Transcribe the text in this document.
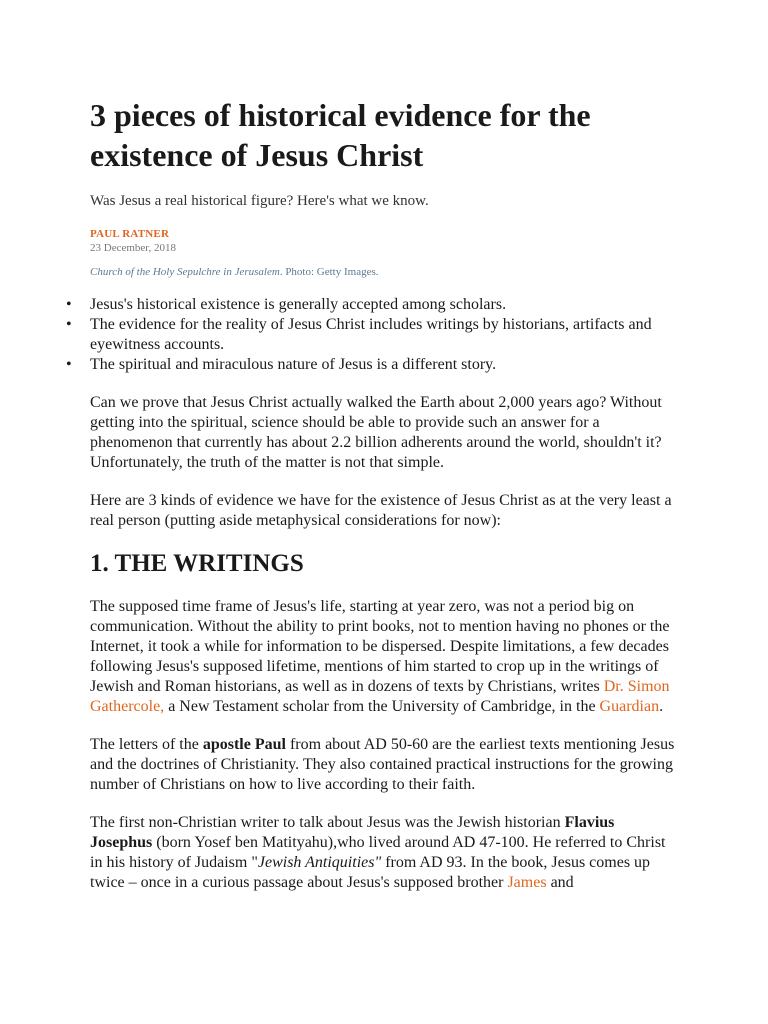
3 pieces of historical evidence for the existence of Jesus Christ

Was Jesus a real historical figure? Here's what we know.

PAUL RATNER

23 December, 2018

Church of the Holy Sepulchre in Jerusalem. Photo: Getty Images.

• Jesus's historical existence is generally accepted among scholars.
• The evidence for the reality of Jesus Christ includes writings by historians, artifacts and eyewitness accounts.
• The spiritual and miraculous nature of Jesus is a different story.

Can we prove that Jesus Christ actually walked the Earth about 2,000 years ago? Without getting into the spiritual, science should be able to provide such an answer for a phenomenon that currently has about 2.2 billion adherents around the world, shouldn't it? Unfortunately, the truth of the matter is not that simple.

Here are 3 kinds of evidence we have for the existence of Jesus Christ as at the very least a real person (putting aside metaphysical considerations for now):

1. THE WRITINGS

The supposed time frame of Jesus's life, starting at year zero, was not a period big on communication. Without the ability to print books, not to mention having no phones or the Internet, it took a while for information to be dispersed. Despite limitations, a few decades following Jesus's supposed lifetime, mentions of him started to crop up in the writings of Jewish and Roman historians, as well as in dozens of texts by Christians, writes Dr. Simon Gathercole, a New Testament scholar from the University of Cambridge, in the Guardian.

The letters of the apostle Paul from about AD 50-60 are the earliest texts mentioning Jesus and the doctrines of Christianity. They also contained practical instructions for the growing number of Christians on how to live according to their faith.

The first non-Christian writer to talk about Jesus was the Jewish historian Flavius Josephus (born Yosef ben Matityahu),who lived around AD 47-100. He referred to Christ in his history of Judaism "Jewish Antiquities" from AD 93. In the book, Jesus comes up twice – once in a curious passage about Jesus's supposed brother James and
